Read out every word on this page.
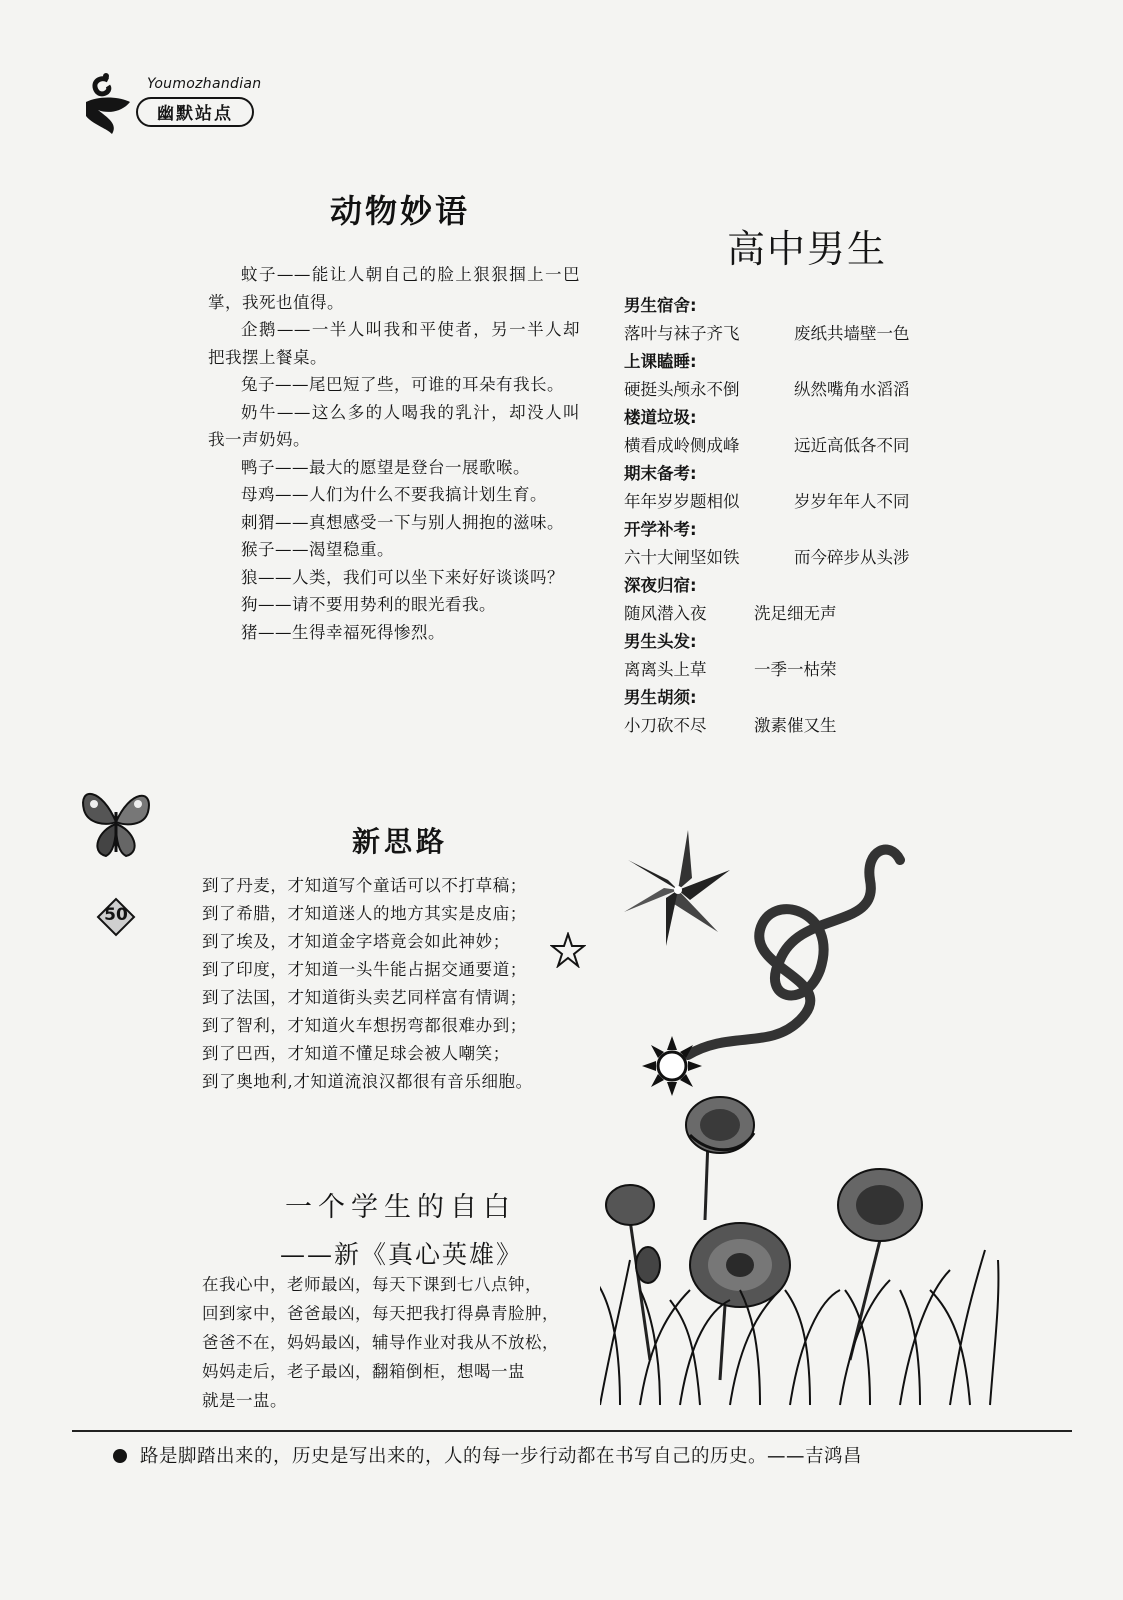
Youmozhandian
幽默站点
动物妙语

蚊子——能让人朝自己的脸上狠狠掴上一巴掌，我死也值得。

企鹅——一半人叫我和平使者，另一半人却把我摆上餐桌。

兔子——尾巴短了些，可谁的耳朵有我长。

奶牛——这么多的人喝我的乳汁，却没人叫我一声奶妈。

鸭子——最大的愿望是登台一展歌喉。

母鸡——人们为什么不要我搞计划生育。

刺猬——真想感受一下与别人拥抱的滋味。

猴子——渴望稳重。

狼——人类，我们可以坐下来好好谈谈吗？

狗——请不要用势利的眼光看我。

猪——生得幸福死得惨烈。

高中男生
男生宿舍:
落叶与袜子齐飞	废纸共墙壁一色
上课瞌睡:
硬挺头颅永不倒	纵然嘴角水滔滔
楼道垃圾:
横看成岭侧成峰	远近高低各不同
期末备考:
年年岁岁题相似	岁岁年年人不同
开学补考:
六十大闸坚如铁	而今碎步从头涉
深夜归宿:
随风潜入夜	洗足细无声
男生头发:
离离头上草	一季一枯荣
男生胡须:
小刀砍不尽	激素催又生
50
新思路
到了丹麦，才知道写个童话可以不打草稿；
到了希腊，才知道迷人的地方其实是皮庙；
到了埃及，才知道金字塔竟会如此神妙；
到了印度，才知道一头牛能占据交通要道；
到了法国，才知道街头卖艺同样富有情调；
到了智利，才知道火车想拐弯都很难办到；
到了巴西，才知道不懂足球会被人嘲笑；
到了奥地利,才知道流浪汉都很有音乐细胞。
一个学生的自白
——新《真心英雄》
在我心中，老师最凶，每天下课到七八点钟，
回到家中，爸爸最凶，每天把我打得鼻青脸肿，
爸爸不在，妈妈最凶，辅导作业对我从不放松，
妈妈走后，老子最凶，翻箱倒柜，想喝一盅
就是一盅。
路是脚踏出来的，历史是写出来的，人的每一步行动都在书写自己的历史。——吉鸿昌
